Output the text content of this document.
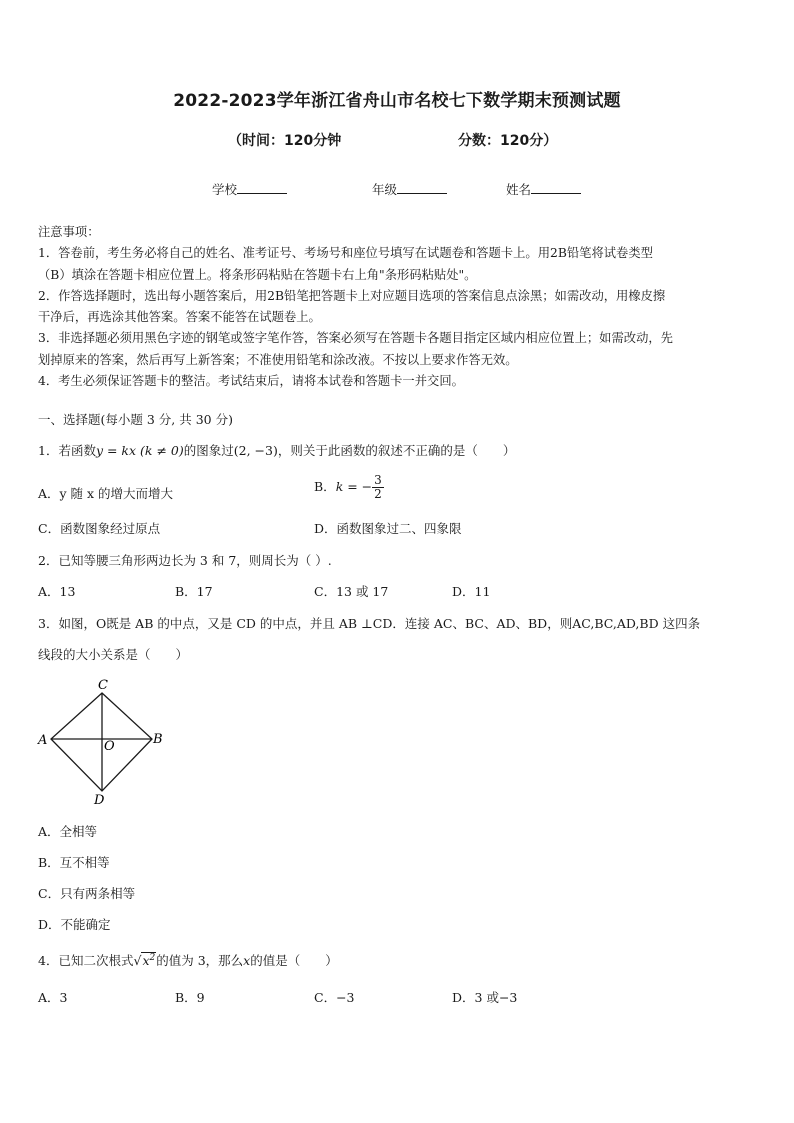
2022-2023学年浙江省舟山市名校七下数学期末预测试题
（时间：120分钟	分数：120分）
学校	年级	姓名

注意事项：

1．答卷前，考生务必将自己的姓名、准考证号、考场号和座位号填写在试题卷和答题卡上。用2B铅笔将试卷类型

（B）填涂在答题卡相应位置上。将条形码粘贴在答题卡右上角"条形码粘贴处"。

2．作答选择题时，选出每小题答案后，用2B铅笔把答题卡上对应题目选项的答案信息点涂黑；如需改动，用橡皮擦

干净后，再选涂其他答案。答案不能答在试题卷上。

3．非选择题必须用黑色字迹的钢笔或签字笔作答，答案必须写在答题卡各题目指定区域内相应位置上；如需改动，先

划掉原来的答案，然后再写上新答案；不准使用铅笔和涂改液。不按以上要求作答无效。

4．考生必须保证答题卡的整洁。考试结束后，请将本试卷和答题卡一并交回。

一、选择题(每小题 3 分, 共 30 分)
1．若函数y = kx (k ≠ 0)的图象过(2, −3)，则关于此函数的叙述不正确的是（　　）
A．y 随 x 的增大而增大	B．k = − $\frac{3}{2}$
C．函数图象经过原点	D．函数图象过二、四象限
2．已知等腰三角形两边长为 3 和 7，则周长为（ ）.
A．13	B．17	C．13 或 17	D．11
3．如图，O既是 AB 的中点，又是 CD 的中点，并且 AB ⊥CD．连接 AC、BC、AD、BD，则AC,BC,AD,BD 这四条
线段的大小关系是（　　）
C
A	O	B
D
A．全相等
B．互不相等
C．只有两条相等
D．不能确定
4．已知二次根式$√x^2$的值为 3，那么x的值是（　　）
A．3	B．9	C．−3	D．3 或−3
